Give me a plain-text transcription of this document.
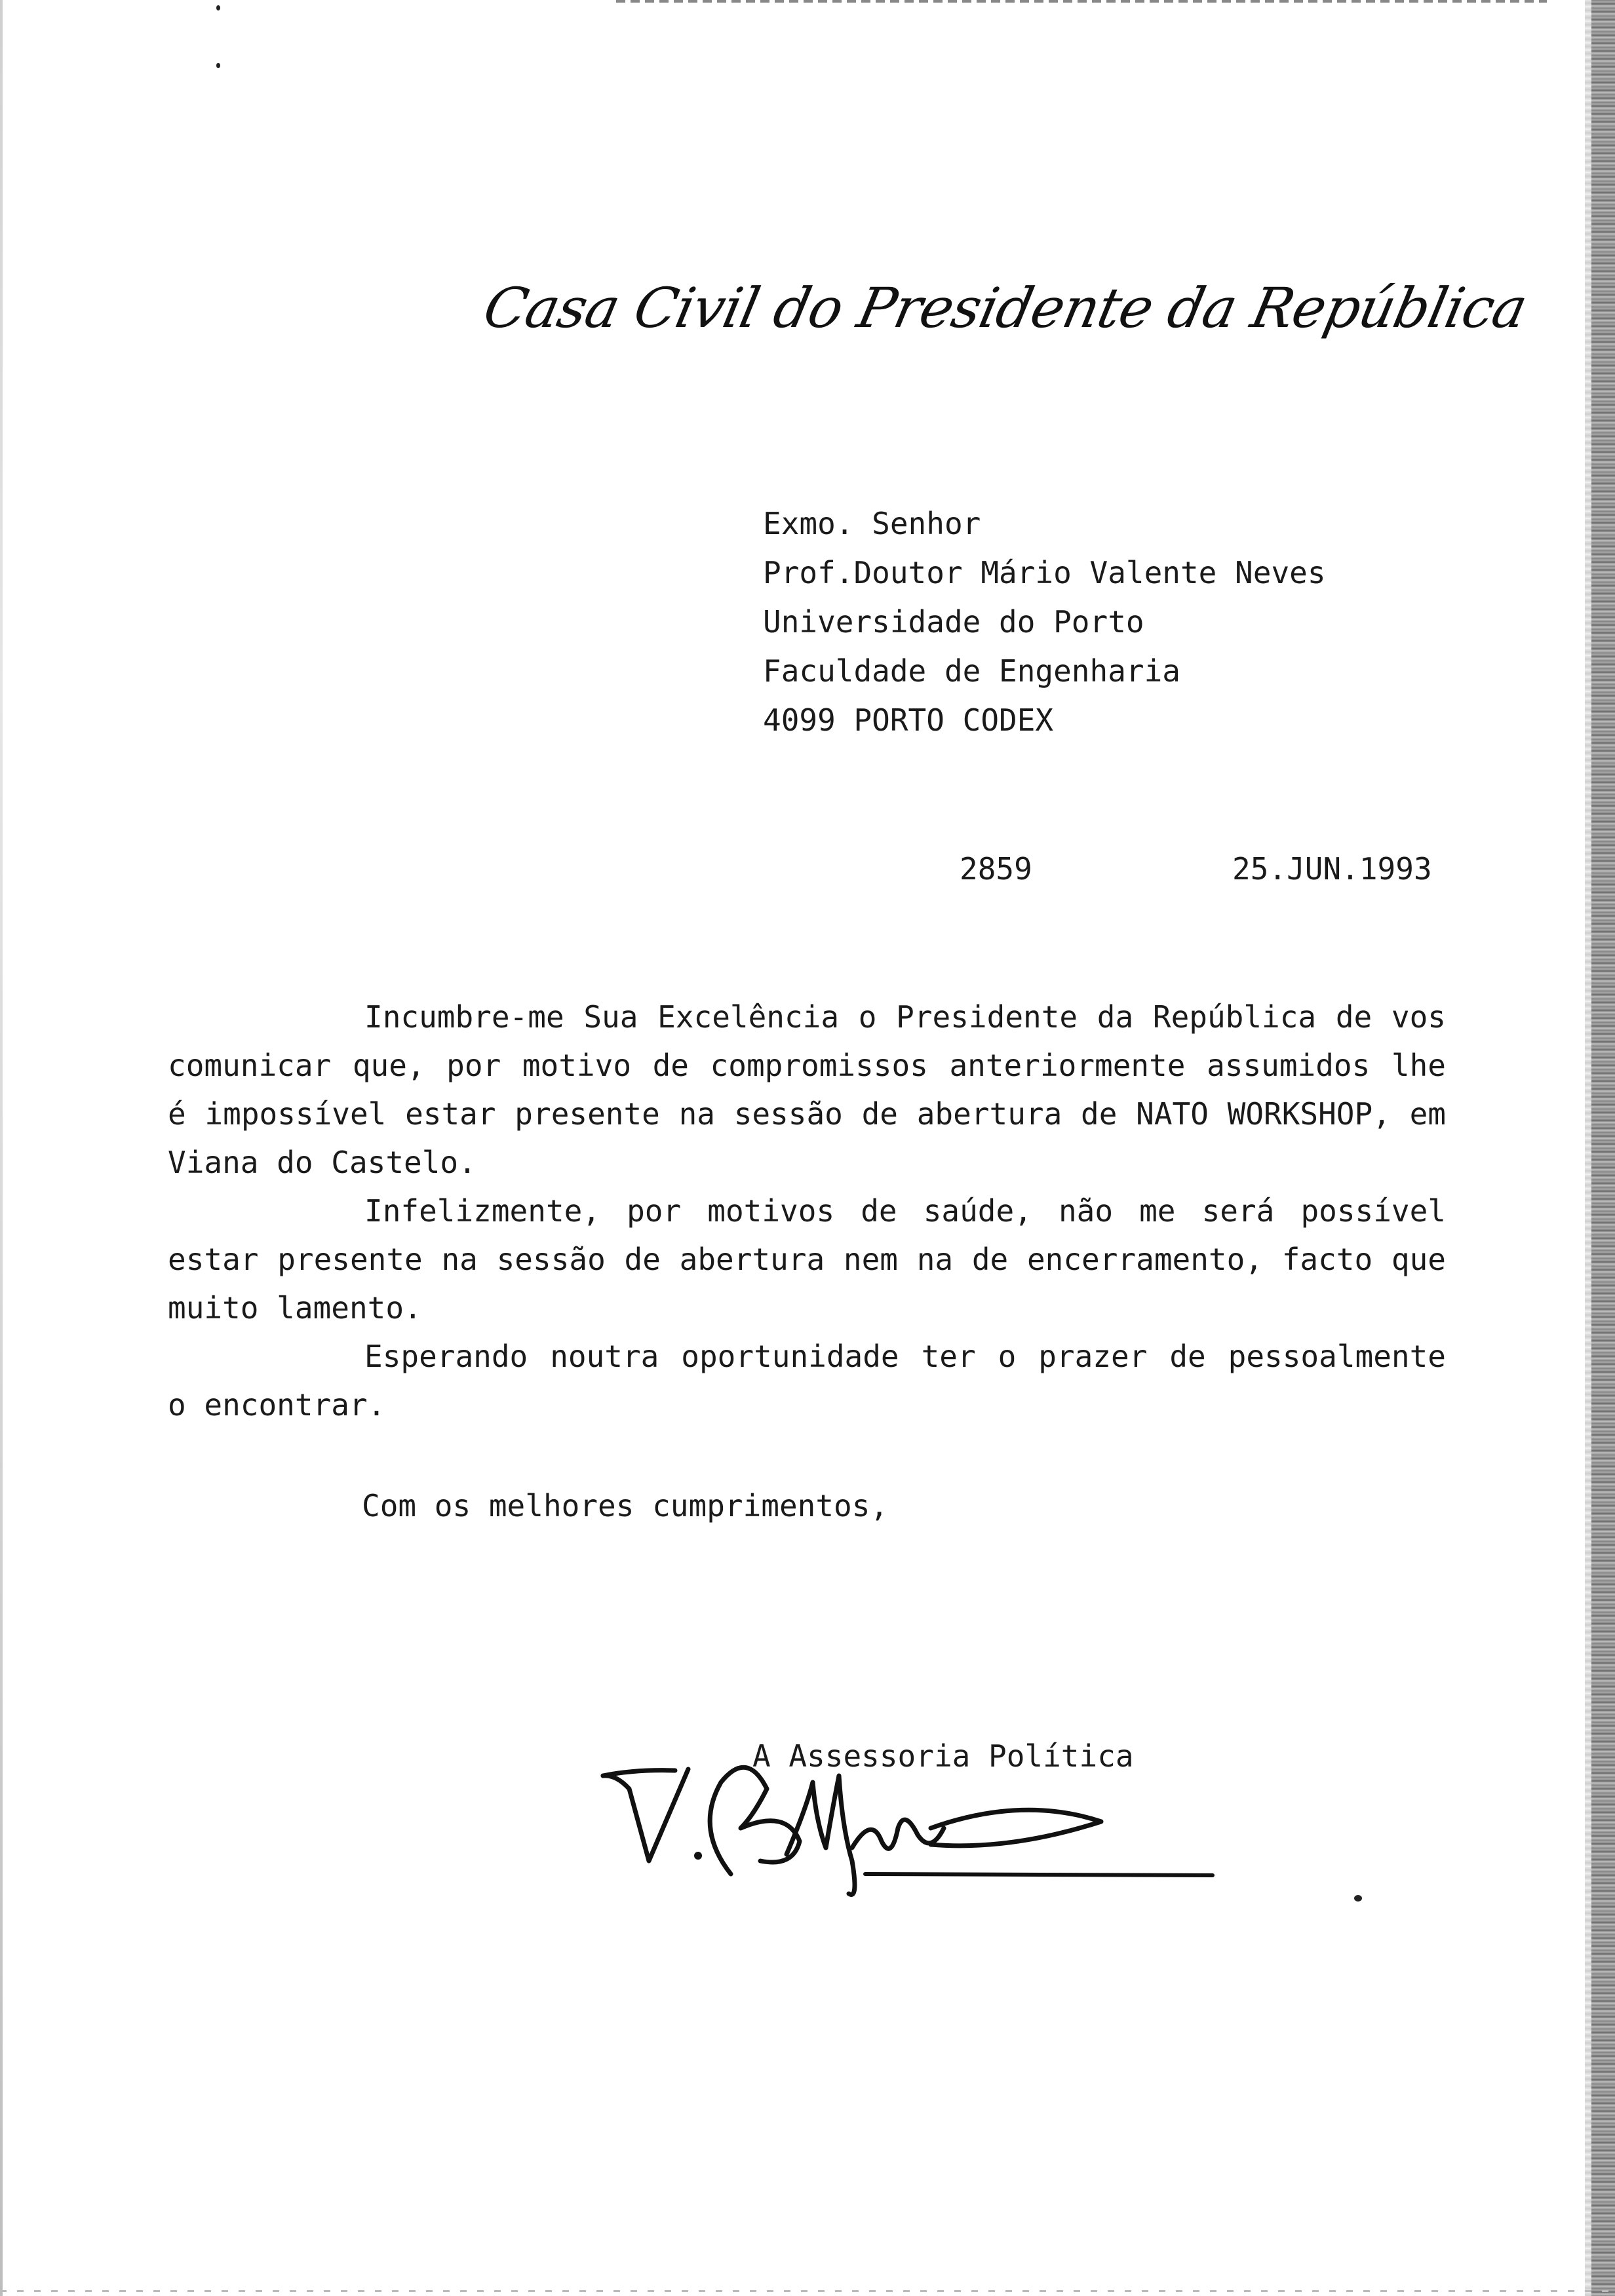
Casa Civil do Presidente da República
Exmo. Senhor
Prof.Doutor Mário Valente Neves
Universidade do Porto
Faculdade de Engenharia
4099 PORTO CODEX
2859	25.JUN.1993

Incumbre-me Sua Excelência o Presidente da República de vos comunicar que, por motivo de compromissos anteriormente assumidos lhe é impossível estar presente na sessão de abertura de NATO WORKSHOP, em Viana do Castelo.

Infelizmente, por motivos de saúde, não me será possível estar presente na sessão de abertura nem na de encerramento, facto que muito lamento.

Esperando noutra oportunidade ter o prazer de pessoalmente o encontrar.

Com os melhores cumprimentos,
A Assessoria Política
